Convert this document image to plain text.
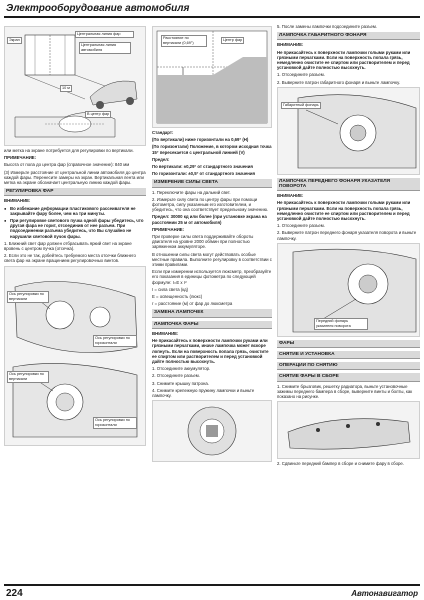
Электрооборудование автомобиля
Экран
Центральная линия фар
Центральная линия автомобиля
10 м
В центр фар

или метка на экране потребуется для регулировки по вертикали.

ПРИМЕЧАНИЕ:

Высота от пола до центра фар (справочное значение): 840 мм

(3) Измерьте расстояние от центральной линии автомобиля до центра каждой фары. Перенесите замеры на экран. Вертикальная лента или метка на экране обозначает центральную линию каждой фары.

РЕГУЛИРОВКА ФАР

ВНИМАНИЕ:

● Во избежание деформации пластикового рассеивателя не закрывайте фару более, чем на три минуты.

● При регулировке светового пучка одной фары убедитесь, что другая фара не горит, отсоединив от нее разъем. При подсоединении разъема убедитесь, что Вы случайно не нарушили световой пучок фары.

1. Ближний свет фар должен отбрасывать яркий свет на экране вровень с центром пучка (отсечка).

2. Если это не так, добейтесь требуемого места отсечки ближнего света фар на экране вращением регулировочных винтов.

Ось регулировки по вертикали
Ось регулировки по горизонтали
Ось регулировки по вертикали
Ось регулировки по горизонтали
Расстояние по вертикали (0,69°)
Центр фар

Стандарт:

(По вертикали) ниже горизонтали на 0,69° (Н)

(По горизонтали) Положение, в котором исходная точка 15° пересекается с центральной линией (V)

Предел:

По вертикали: ±0,29° от стандартного значения

По горизонтали: ±0,5° от стандартного значения

ИЗМЕРЕНИЕ СИЛЫ СВЕТА

1. Переключите фары на дальний свет.

2. Измерьте силу света по центру фары при помощи фотометра, силу указанным его изготовителем, и убедитесь, что она соответствует предельному значению.

Предел: 30000 кд или более (при установке экрана на расстоянии 25 м от автомобиля)

ПРИМЕЧАНИЕ:

При проверке силы света поддерживайте обороты двигателя на уровне 2000 об/мин при полностью заряженном аккумуляторе.

В отношении силы света могут действовать особые местные правила. Выполните регулировку в соответствии с этими правилами.

Если при измерении используется люксметр, преобразуйте его показания в единицы фотометра по следующей формуле: I=E x r²

I = сила света (кд)

E = освещенность (люкс)

r = расстояние (м) от фар до люксметра

ЗАМЕНА ЛАМПОЧЕК
ЛАМПОЧКА ФАРЫ

ВНИМАНИЕ:

Не прикасайтесь к поверхности лампочки руками или грязными перчатками, иначе лампочка может вскоре лопнуть. Если на поверхность попала грязь, очистите ее спиртом или растворителем и перед установкой дайте полностью высохнуть.

1. Отсоедините аккумулятор.

2. Отсоедините разъем.

3. Снимите крышку патрона.

4. Снимите крепежную пружину лампочки и выньте лампочку.

5. После замены лампочки подсоедините разъем.

ЛАМПОЧКА ГАБАРИТНОГО ФОНАРЯ

ВНИМАНИЕ:

Не прикасайтесь к поверхности лампочки голыми руками или грязными перчатками. Если на поверхность попала грязь, немедленно очистите ее спиртом или растворителем и перед установкой дайте полностью высохнуть.

1. Отсоедините разъем.

2. Выверните патрон габаритного фонаря и выньте лампочку.

Габаритный фонарь
ЛАМПОЧКА ПЕРЕДНЕГО ФОНАРЯ УКАЗАТЕЛЯ ПОВОРОТА

ВНИМАНИЕ:

Не прикасайтесь к поверхности лампочки голыми руками или грязными перчатками. Если на поверхность попала грязь, немедленно очистите ее спиртом или растворителем и перед установкой дайте полностью высохнуть.

1. Отсоедините разъем.

2. Выверните патрон переднего фонаря указателя поворота и выньте лампочку.

Передний фонарь указателя поворота
ФАРЫ
СНЯТИЕ И УСТАНОВКА
ОПЕРАЦИИ ПО СНЯТИЮ
СНЯТИЕ ФАРЫ В СБОРЕ

1. Снимите брызговик, решетку радиатора, выньте установочные зажимы переднего бампера в сборе, выверните винты и болты, как показано на рисунке.

2. Сдвиньте передний бампер в сборе и снимите фару в сборе.

224	Автонавигатор
